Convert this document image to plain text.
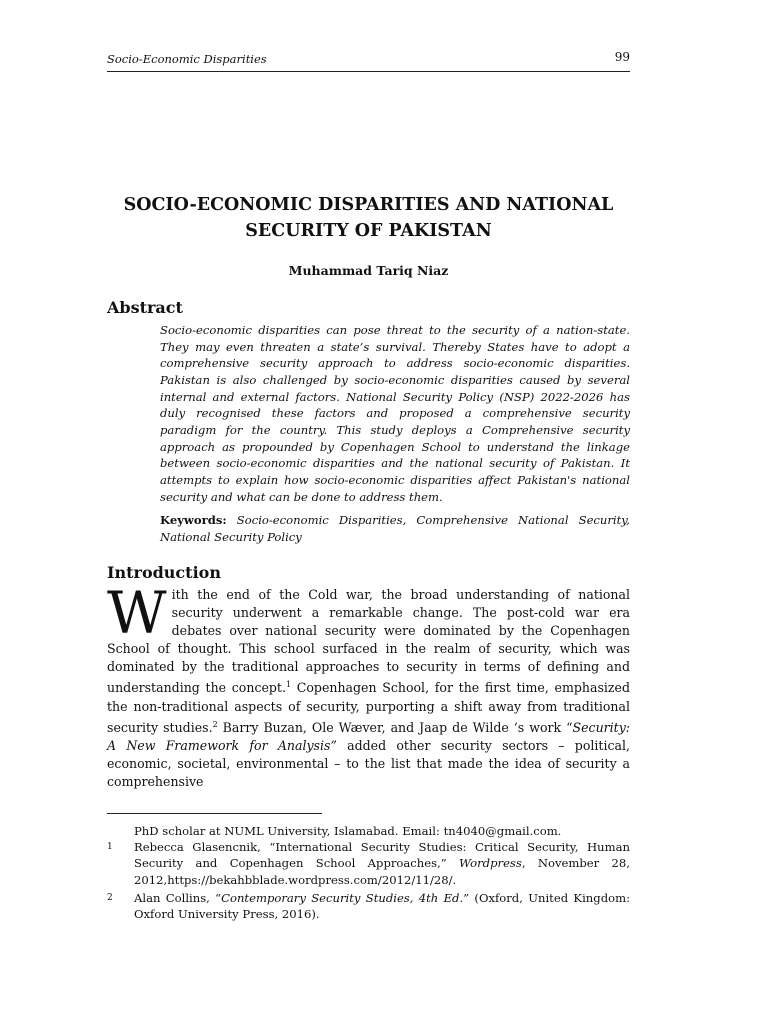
Socio-Economic Disparities	99
SOCIO-ECONOMIC DISPARITIES AND NATIONAL
SECURITY OF PAKISTAN
Muhammad Tariq Niaz
Abstract

Socio-economic disparities can pose threat to the security of a nation-state. They may even threaten a state’s survival. Thereby States have to adopt a comprehensive security approach to address socio-economic disparities. Pakistan is also challenged by socio-economic disparities caused by several internal and external factors. National Security Policy (NSP) 2022-2026 has duly recognised these factors and proposed a comprehensive security paradigm for the country. This study deploys a Comprehensive security approach as propounded by Copenhagen School to understand the linkage between socio-economic disparities and the national security of Pakistan. It attempts to explain how socio-economic disparities affect Pakistan's national security and what can be done to address them.

Keywords: Socio-economic Disparities, Comprehensive National Security, National Security Policy

Introduction

With the end of the Cold war, the broad understanding of national security underwent a remarkable change. The post-cold war era debates over national security were dominated by the Copenhagen School of thought. This school surfaced in the realm of security, which was dominated by the traditional approaches to security in terms of defining and understanding the concept.$^1$ Copenhagen School, for the first time, emphasized the non-traditional aspects of security, purporting a shift away from traditional security studies.$^2$ Barry Buzan, Ole Wæver, and Jaap de Wilde ‘s work “Security: A New Framework for Analysis” added other security sectors – political, economic, societal, environmental – to the list that made the idea of security a comprehensive

PhD scholar at NUML University, Islamabad. Email: tn4040@gmail.com.
1 Rebecca Glasencnik, “International Security Studies: Critical Security, Human Security and Copenhagen School Approaches,” Wordpress, November 28, 2012,https://bekahbblade.wordpress.com/2012/11/28/.
2 Alan Collins, “Contemporary Security Studies, 4th Ed.” (Oxford, United Kingdom: Oxford University Press, 2016).
